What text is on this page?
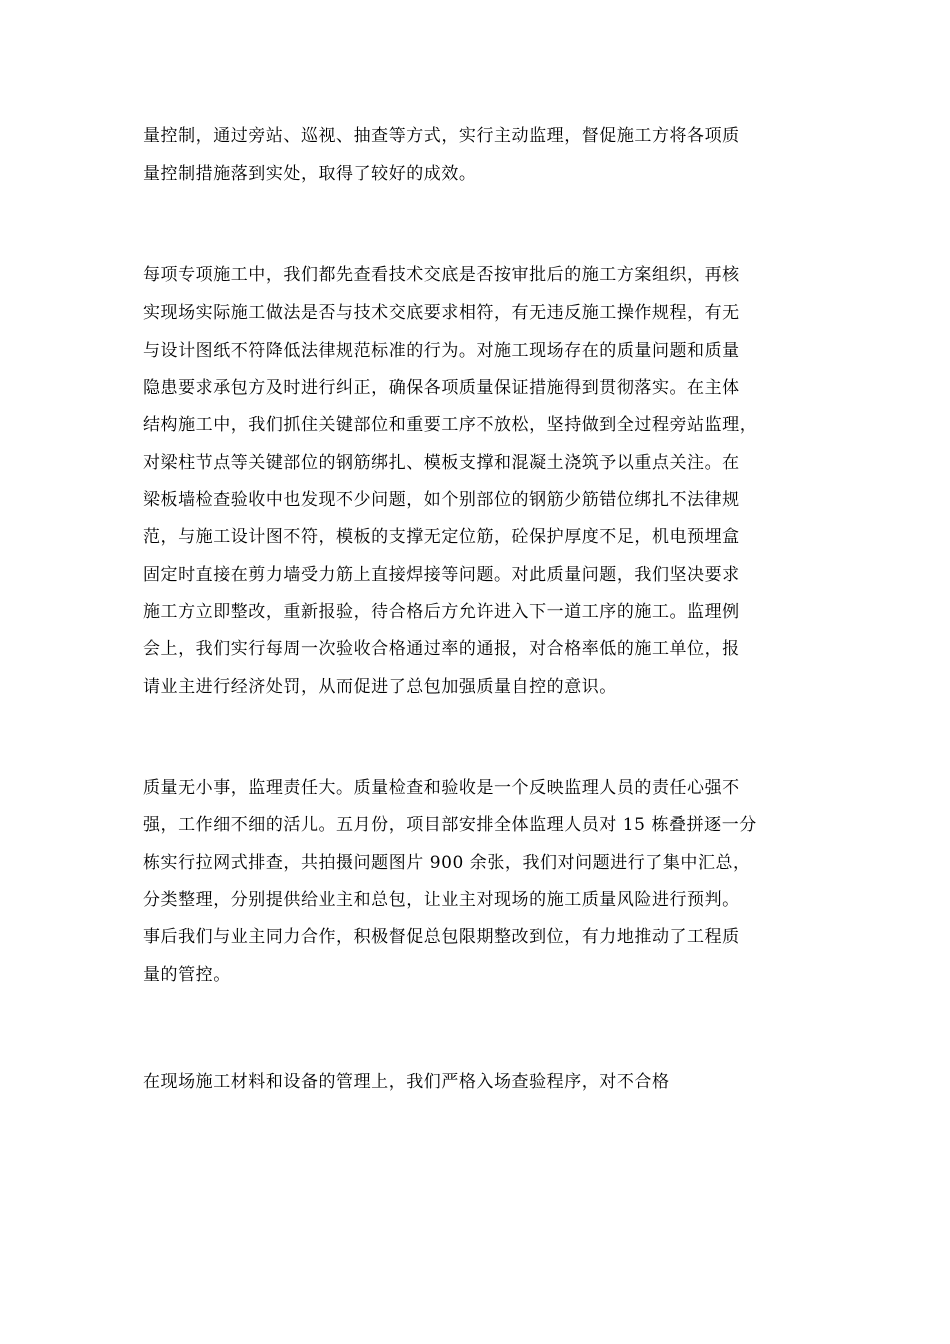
量控制，通过旁站、巡视、抽查等方式，实行主动监理，督促施工方将各项质
量控制措施落到实处，取得了较好的成效。
每项专项施工中，我们都先查看技术交底是否按审批后的施工方案组织，再核
实现场实际施工做法是否与技术交底要求相符，有无违反施工操作规程，有无
与设计图纸不符降低法律规范标准的行为。对施工现场存在的质量问题和质量
隐患要求承包方及时进行纠正，确保各项质量保证措施得到贯彻落实。在主体
结构施工中，我们抓住关键部位和重要工序不放松，坚持做到全过程旁站监理，
对梁柱节点等关键部位的钢筋绑扎、模板支撑和混凝土浇筑予以重点关注。在
梁板墙检查验收中也发现不少问题，如个别部位的钢筋少筋错位绑扎不法律规
范，与施工设计图不符，模板的支撑无定位筋，砼保护厚度不足，机电预埋盒
固定时直接在剪力墙受力筋上直接焊接等问题。对此质量问题，我们坚决要求
施工方立即整改，重新报验，待合格后方允许进入下一道工序的施工。监理例
会上，我们实行每周一次验收合格通过率的通报，对合格率低的施工单位，报
请业主进行经济处罚，从而促进了总包加强质量自控的意识。
质量无小事，监理责任大。质量检查和验收是一个反映监理人员的责任心强不
强，工作细不细的活儿。五月份，项目部安排全体监理人员对 15 栋叠拼逐一分
栋实行拉网式排查，共拍摄问题图片 900 余张，我们对问题进行了集中汇总，
分类整理，分别提供给业主和总包，让业主对现场的施工质量风险进行预判。
事后我们与业主同力合作，积极督促总包限期整改到位，有力地推动了工程质
量的管控。
在现场施工材料和设备的管理上，我们严格入场查验程序，对不合格
